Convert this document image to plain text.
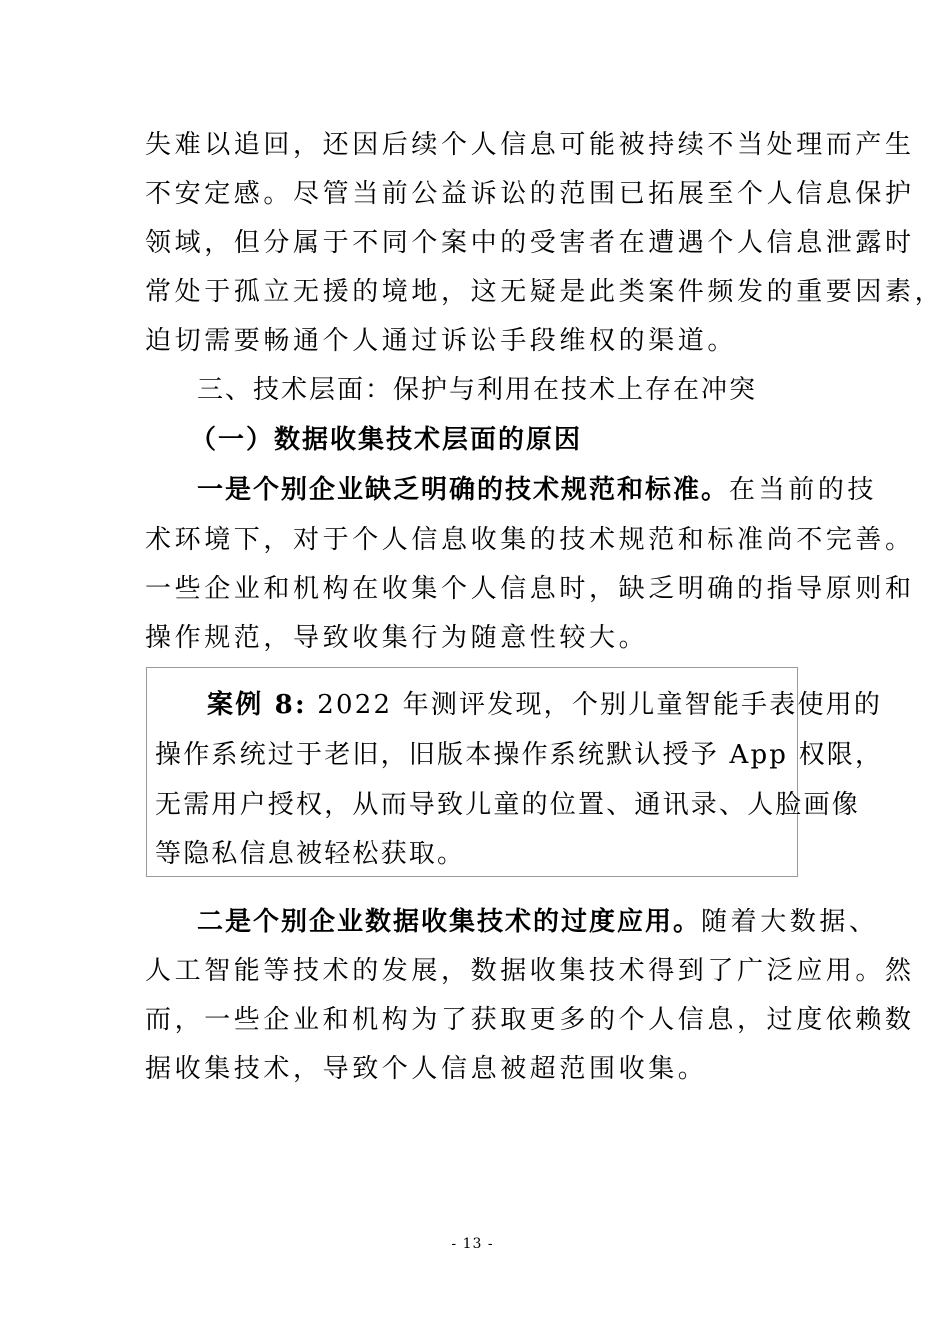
失难以追回，还因后续个人信息可能被持续不当处理而产生
不安定感。尽管当前公益诉讼的范围已拓展至个人信息保护
领域，但分属于不同个案中的受害者在遭遇个人信息泄露时
常处于孤立无援的境地，这无疑是此类案件频发的重要因素，
迫切需要畅通个人通过诉讼手段维权的渠道。
三、技术层面：保护与利用在技术上存在冲突
（一）数据收集技术层面的原因
一是个别企业缺乏明确的技术规范和标准。在当前的技
术环境下，对于个人信息收集的技术规范和标准尚不完善。
一些企业和机构在收集个人信息时，缺乏明确的指导原则和
操作规范，导致收集行为随意性较大。
案例 8: 2022 年测评发现，个别儿童智能手表使用的
操作系统过于老旧，旧版本操作系统默认授予 App 权限，
无需用户授权，从而导致儿童的位置、通讯录、人脸画像
等隐私信息被轻松获取。
二是个别企业数据收集技术的过度应用。随着大数据、
人工智能等技术的发展，数据收集技术得到了广泛应用。然
而，一些企业和机构为了获取更多的个人信息，过度依赖数
据收集技术，导致个人信息被超范围收集。
- 13 -
